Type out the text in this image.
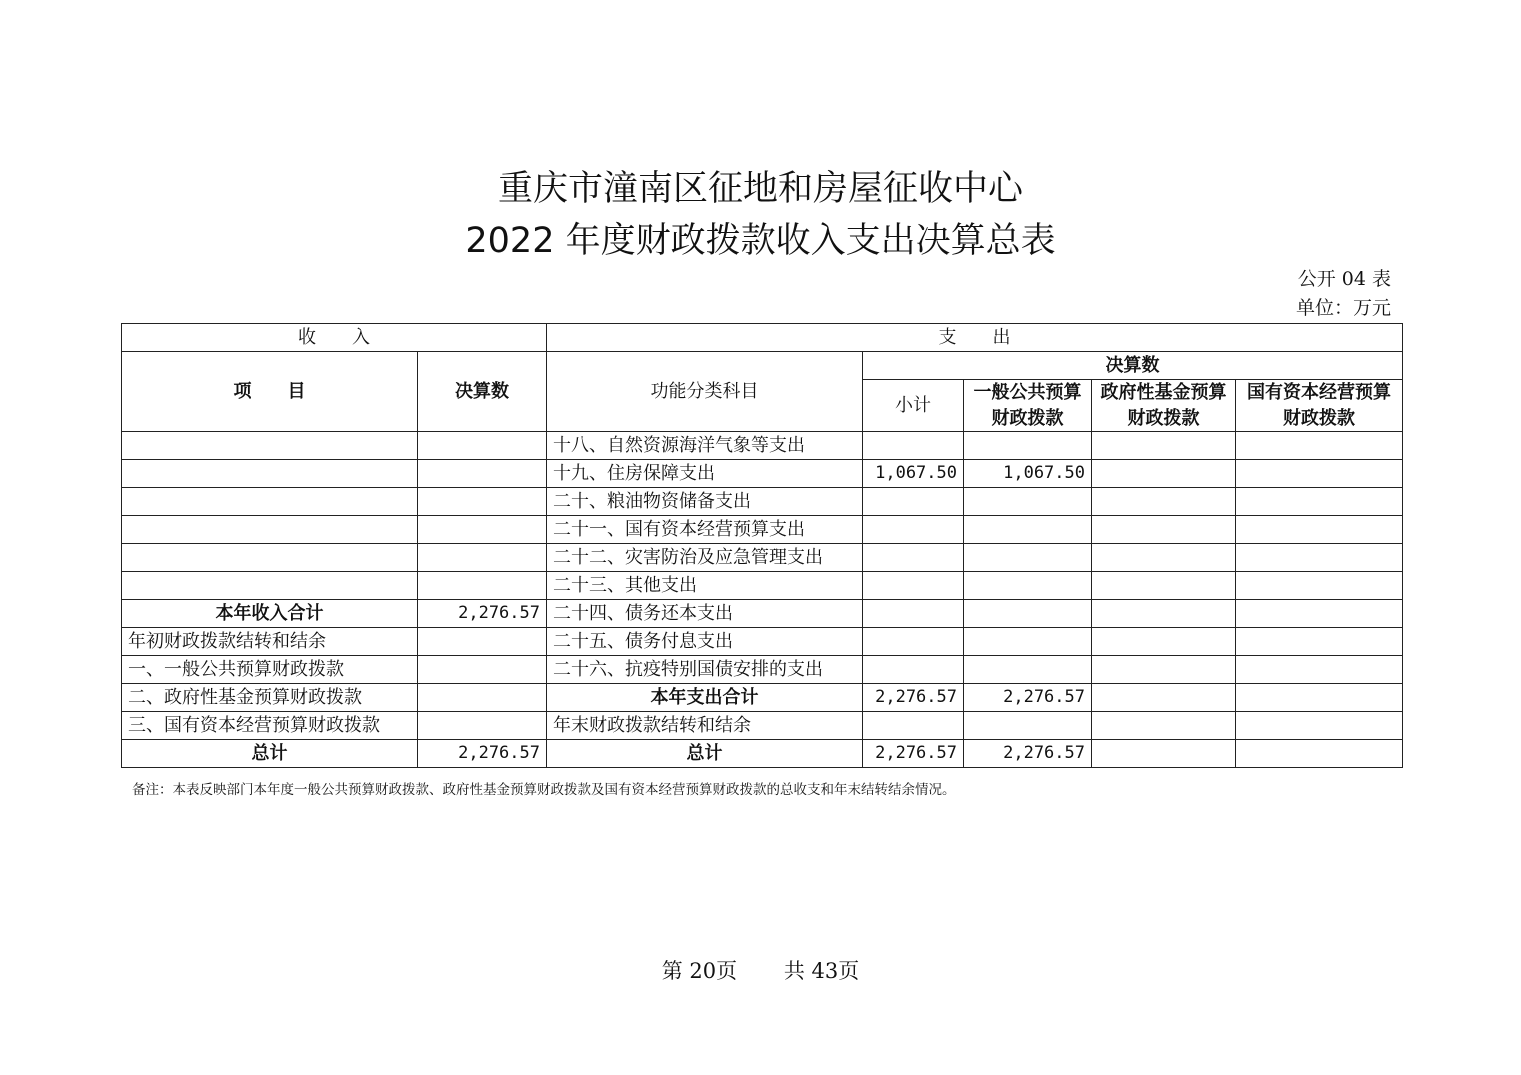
重庆市潼南区征地和房屋征收中心
2022 年度财政拨款收入支出决算总表
公开 04 表
单位：万元
收　　入		支　　出				
项　　目	决算数	功能分类科目	决算数			
			小计	一般公共预算财政拨款	政府性基金预算财政拨款	国有资本经营预算财政拨款
		十八、自然资源海洋气象等支出				
		十九、住房保障支出	1,067.50	1,067.50		
		二十、粮油物资储备支出				
		二十一、国有资本经营预算支出				
		二十二、灾害防治及应急管理支出				
		二十三、其他支出				
本年收入合计	2,276.57	二十四、债务还本支出				
年初财政拨款结转和结余		二十五、债务付息支出				
一、一般公共预算财政拨款		二十六、抗疫特别国债安排的支出				
二、政府性基金预算财政拨款		本年支出合计	2,276.57	2,276.57		
三、国有资本经营预算财政拨款		年末财政拨款结转和结余				
总计	2,276.57	总计	2,276.57	2,276.57		
备注：本表反映部门本年度一般公共预算财政拨款、政府性基金预算财政拨款及国有资本经营预算财政拨款的总收支和年末结转结余情况。
第 20页 共 43页
